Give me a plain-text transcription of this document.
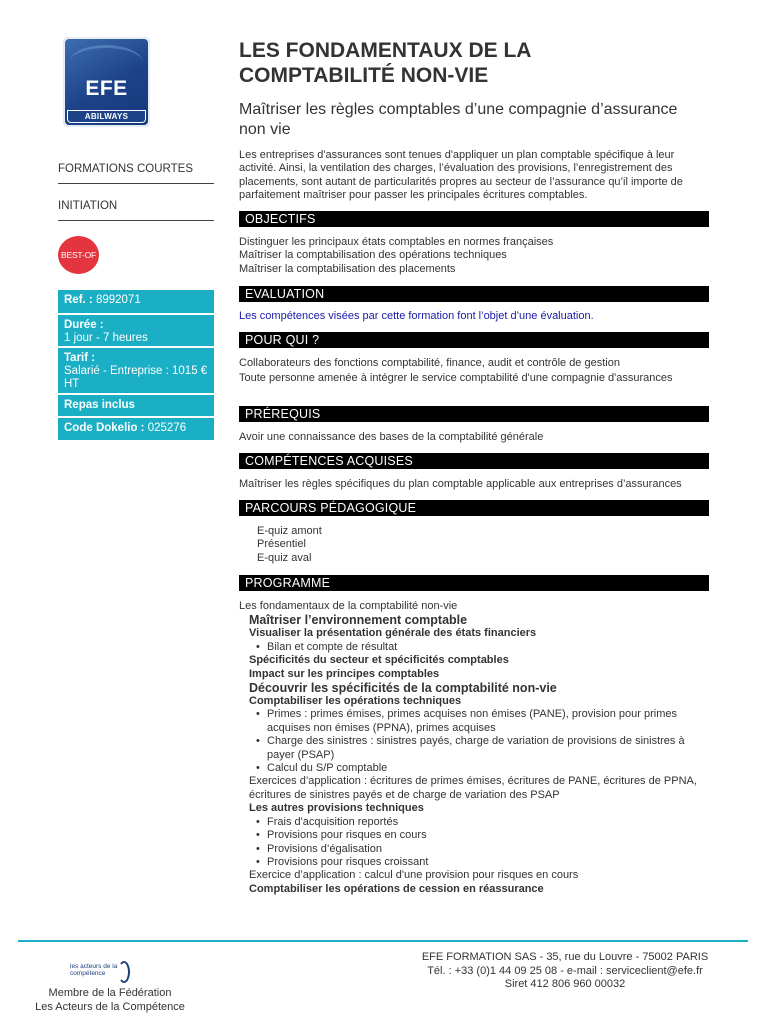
EFE
ABILWAYS
FORMATIONS COURTES
INITIATION
BEST-OF
Ref. : 8992071
Durée :
1 jour - 7 heures
Tarif :
Salarié - Entreprise : 1015 € HT
Repas inclus
Code Dokelio : 025276
LES FONDAMENTAUX DE LA COMPTABILITÉ NON-VIE
Maîtriser les règles comptables d’une compagnie d’assurance non vie

Les entreprises d'assurances sont tenues d'appliquer un plan comptable spécifique à leur activité. Ainsi, la ventilation des charges, l’évaluation des provisions, l’enregistrement des placements, sont autant de particularités propres au secteur de l’assurance qu’il importe de parfaitement maîtriser pour passer les principales écritures comptables.

OBJECTIFS
Distinguer les principaux états comptables en normes françaises
Maîtriser la comptabilisation des opérations techniques
Maîtriser la comptabilisation des placements
EVALUATION
Les compétences visées par cette formation font l’objet d’une évaluation.
POUR QUI ?
Collaborateurs des fonctions comptabilité, finance, audit et contrôle de gestion
Toute personne amenée à intégrer le service comptabilité d'une compagnie d'assurances
PRÉREQUIS
Avoir une connaissance des bases de la comptabilité générale
COMPÉTENCES ACQUISES
Maîtriser les règles spécifiques du plan comptable applicable aux entreprises d’assurances
PARCOURS PÉDAGOGIQUE
E-quiz amont
Présentiel
E-quiz aval
PROGRAMME
Les fondamentaux de la comptabilité non-vie
Maîtriser l’environnement comptable
Visualiser la présentation générale des états financiers
• Bilan et compte de résultat
Spécificités du secteur et spécificités comptables
Impact sur les principes comptables
Découvrir les spécificités de la comptabilité non-vie
Comptabiliser les opérations techniques
• Primes : primes émises, primes acquises non émises (PANE), provision pour primes acquises non émises (PPNA), primes acquises
• Charge des sinistres : sinistres payés, charge de variation de provisions de sinistres à payer (PSAP)
• Calcul du S/P comptable
Exercices d’application : écritures de primes émises, écritures de PANE, écritures de PPNA, écritures de sinistres payés et de charge de variation des PSAP
Les autres provisions techniques
• Frais d'acquisition reportés
• Provisions pour risques en cours
• Provisions d’égalisation
• Provisions pour risques croissant
Exercice d’application : calcul d'une provision pour risques en cours
Comptabiliser les opérations de cession en réassurance
les acteurs de la compétence
Membre de la Fédération
Les Acteurs de la Compétence
EFE FORMATION SAS - 35, rue du Louvre - 75002 PARIS
Tél. : +33 (0)1 44 09 25 08 - e-mail : serviceclient@efe.fr
Siret 412 806 960 00032
